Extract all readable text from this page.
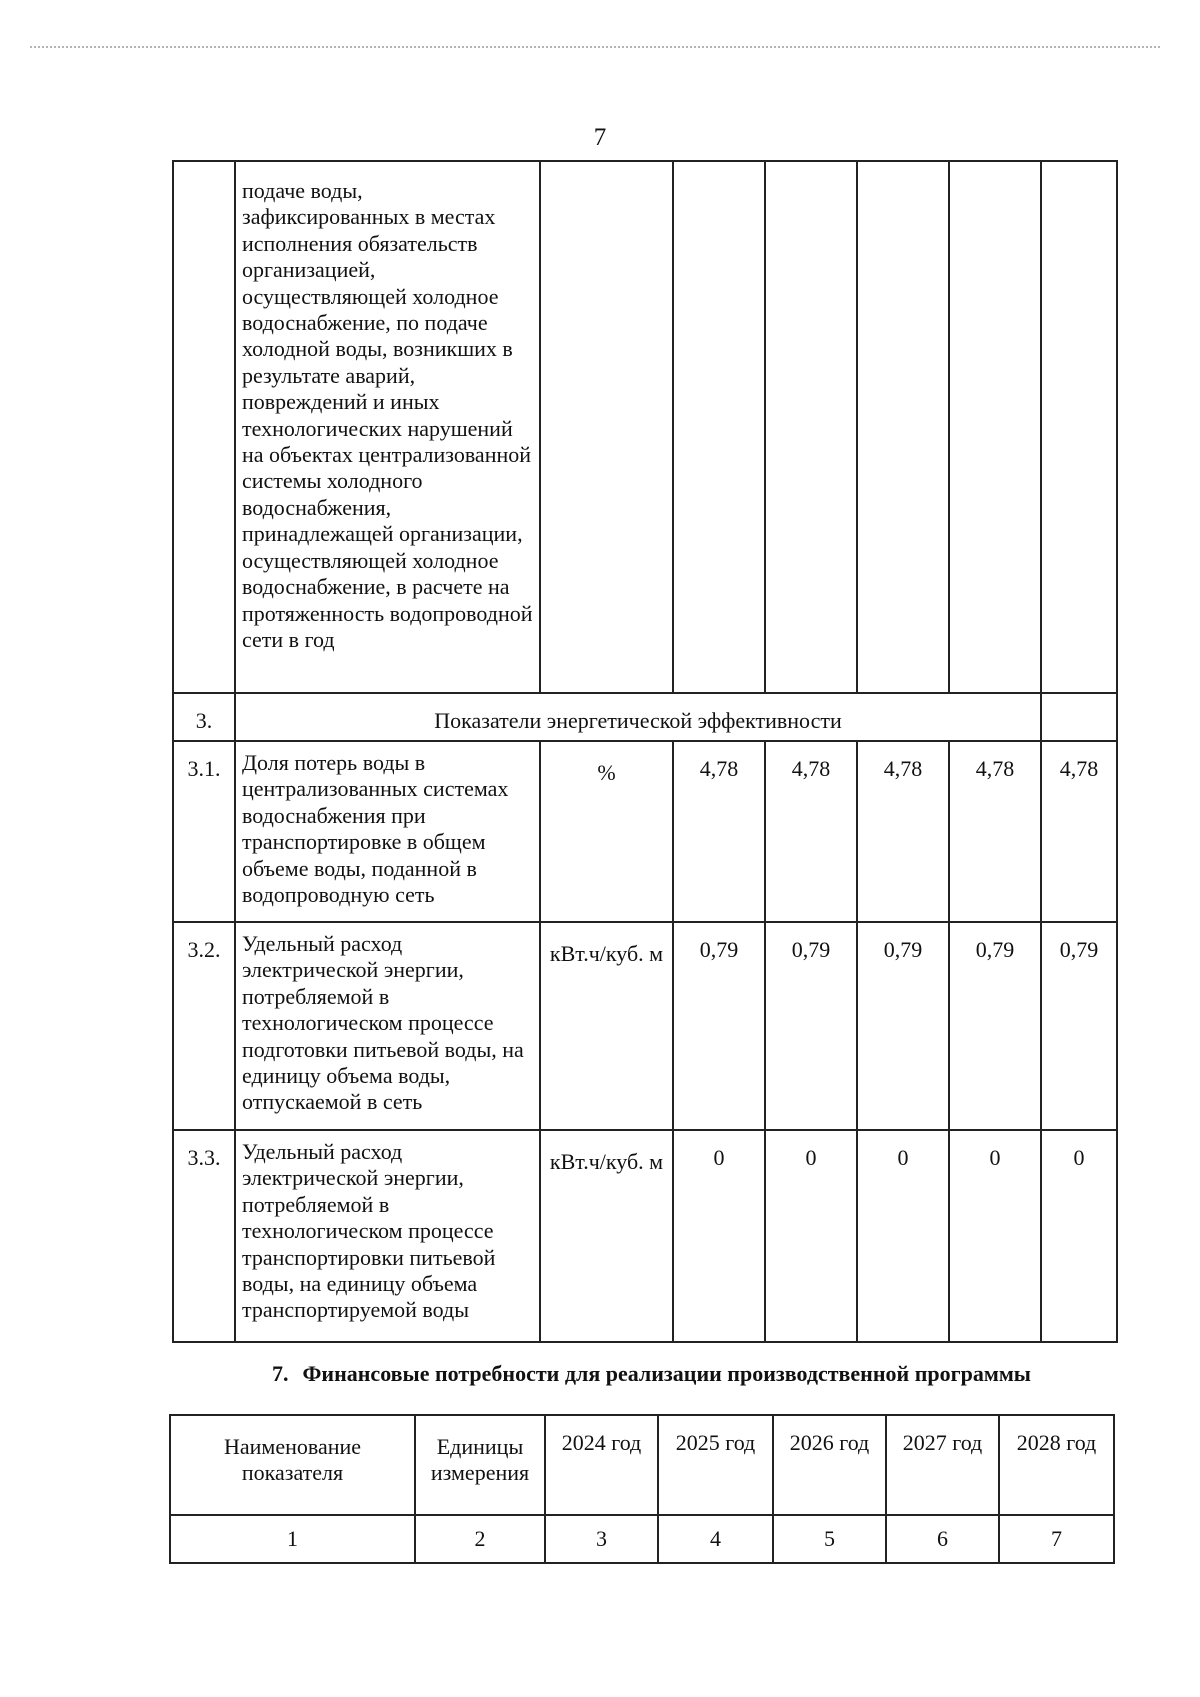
7
	подаче воды, зафиксированных в местах исполнения обязательств организацией, осуществляющей холодное водоснабжение, по подаче холодной воды, возникших в результате аварий, повреждений и иных технологических нарушений на объектах централизованной системы холодного водоснабжения, принадлежащей организации, осуществляющей холодное водоснабжение, в расчете на протяженность водопроводной сети в год						
3.	Показатели энергетической эффективности						
3.1.	Доля потерь воды в централизованных системах водоснабжения при транспортировке в общем объеме воды, поданной в водопроводную сеть	%	4,78	4,78	4,78	4,78	4,78
3.2.	Удельный расход электрической энергии, потребляемой в технологическом процессе подготовки питьевой воды, на единицу объема воды, отпускаемой в сеть	кВт.ч/куб. м	0,79	0,79	0,79	0,79	0,79
3.3.	Удельный расход электрической энергии, потребляемой в технологическом процессе транспортировки питьевой воды, на единицу объема транспортируемой воды	кВт.ч/куб. м	0	0	0	0	0
7. Финансовые потребности для реализации производственной программы
Наименование показателя	Единицы измерения	2024 год	2025 год	2026 год	2027 год	2028 год
1	2	3	4	5	6	7
